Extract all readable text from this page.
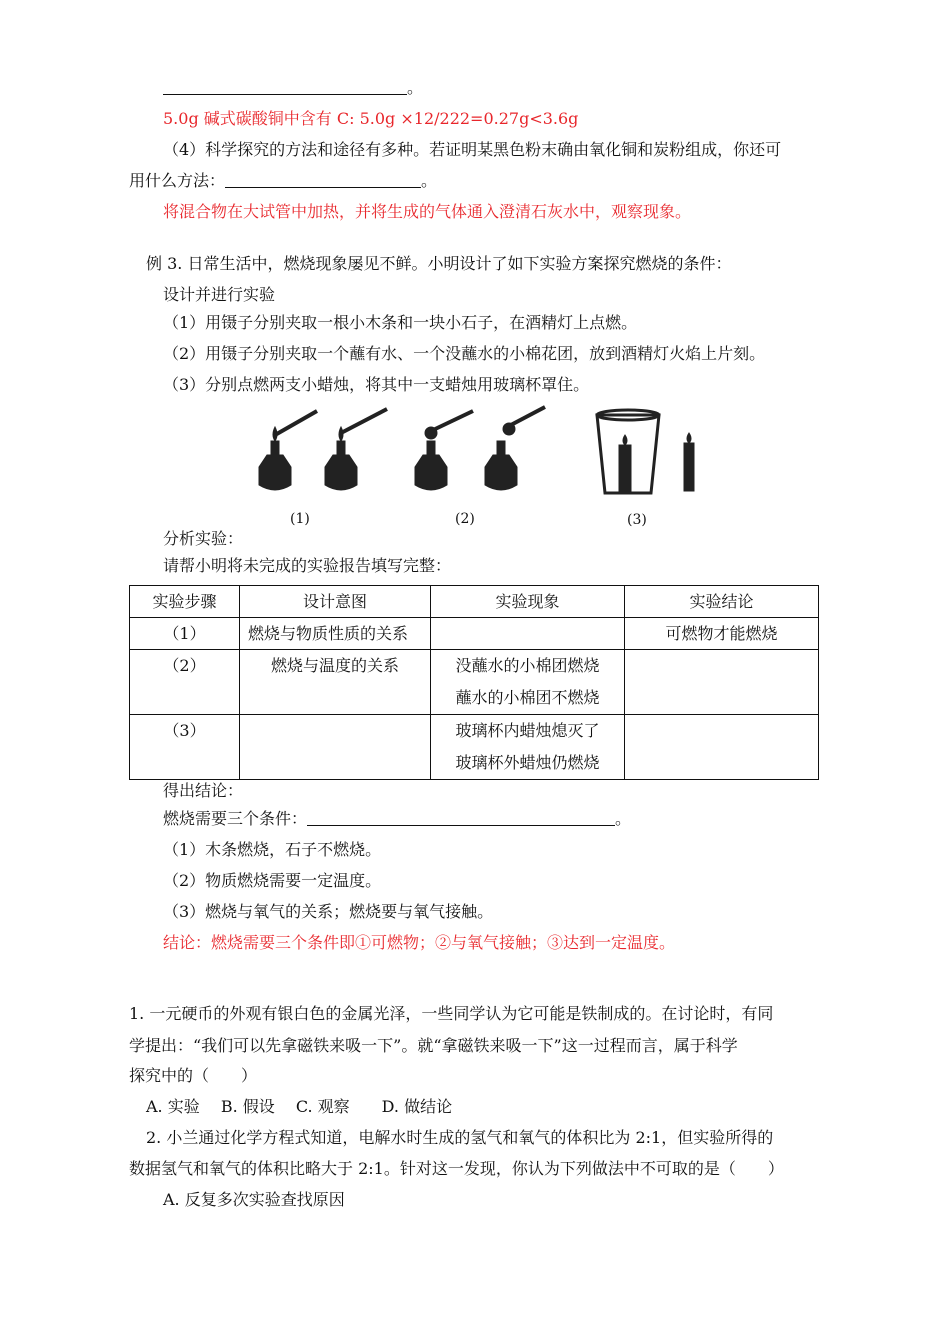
。
5.0g 碱式碳酸铜中含有 C: 5.0g ×12/222=0.27g<3.6g
（4）科学探究的方法和途径有多种。若证明某黑色粉末确由氧化铜和炭粉组成，你还可
用什么方法：	。
将混合物在大试管中加热，并将生成的气体通入澄清石灰水中，观察现象。
例 3. 日常生活中，燃烧现象屡见不鲜。小明设计了如下实验方案探究燃烧的条件：
设计并进行实验
（1）用镊子分别夹取一根小木条和一块小石子，在酒精灯上点燃。
（2）用镊子分别夹取一个蘸有水、一个没蘸水的小棉花团，放到酒精灯火焰上片刻。
（3）分别点燃两支小蜡烛，将其中一支蜡烛用玻璃杯罩住。
(1)	(2)	(3)
分析实验：
请帮小明将未完成的实验报告填写完整：
实验步骤	设计意图	实验现象	实验结论
（1）	燃烧与物质性质的关系		可燃物才能燃烧
（2）	燃烧与温度的关系	没蘸水的小棉团燃烧
蘸水的小棉团不燃烧	

（3）		玻璃杯内蜡烛熄灭了
玻璃杯外蜡烛仍燃烧	

得出结论：
燃烧需要三个条件：	。
（1）木条燃烧，石子不燃烧。
（2）物质燃烧需要一定温度。
（3）燃烧与氧气的关系；燃烧要与氧气接触。
结论：燃烧需要三个条件即①可燃物；②与氧气接触；③达到一定温度。
1. 一元硬币的外观有银白色的金属光泽，一些同学认为它可能是铁制成的。在讨论时，有同
学提出：“我们可以先拿磁铁来吸一下”。就“拿磁铁来吸一下”这一过程而言，属于科学
探究中的（　　）
A. 实验　 B. 假设　 C. 观察　　D. 做结论
2. 小兰通过化学方程式知道，电解水时生成的氢气和氧气的体积比为 2:1，但实验所得的
数据氢气和氧气的体积比略大于 2:1。针对这一发现，你认为下列做法中不可取的是（　　）
A. 反复多次实验查找原因
